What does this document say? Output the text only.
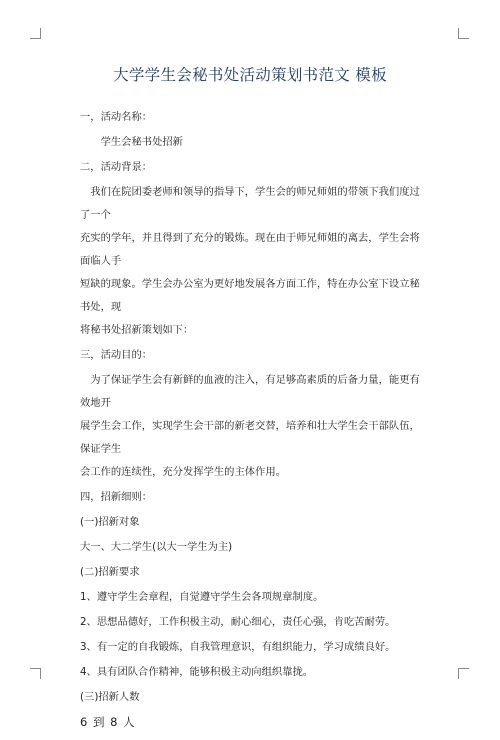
大学学生会秘书处活动策划书范文 模板

一，活动名称：

学生会秘书处招新

二，活动背景：

我们在院团委老师和领导的指导下，学生会的师兄师姐的带领下我们度过了一个
充实的学年，并且得到了充分的锻炼。现在由于师兄师姐的离去，学生会将面临人手
短缺的现象。学生会办公室为更好地发展各方面工作，特在办公室下设立秘书处，现
将秘书处招新策划如下：

三，活动目的：

为了保证学生会有新鲜的血液的注入，有足够高素质的后备力量，能更有效地开
展学生会工作，实现学生会干部的新老交替，培养和壮大学生会干部队伍，保证学生
会工作的连续性，充分发挥学生的主体作用。

四，招新细则：

(一)招新对象

大一、大二学生(以大一学生为主)

(二)招新要求

1、遵守学生会章程，自觉遵守学生会各项规章制度。

2、思想品德好，工作积极主动，耐心细心，责任心强，肯吃苦耐劳。

3、有一定的自我锻炼，自我管理意识，有组织能力，学习成绩良好。

4、具有团队合作精神，能够积极主动向组织靠拢。

(三)招新人数

6 到 8 人
